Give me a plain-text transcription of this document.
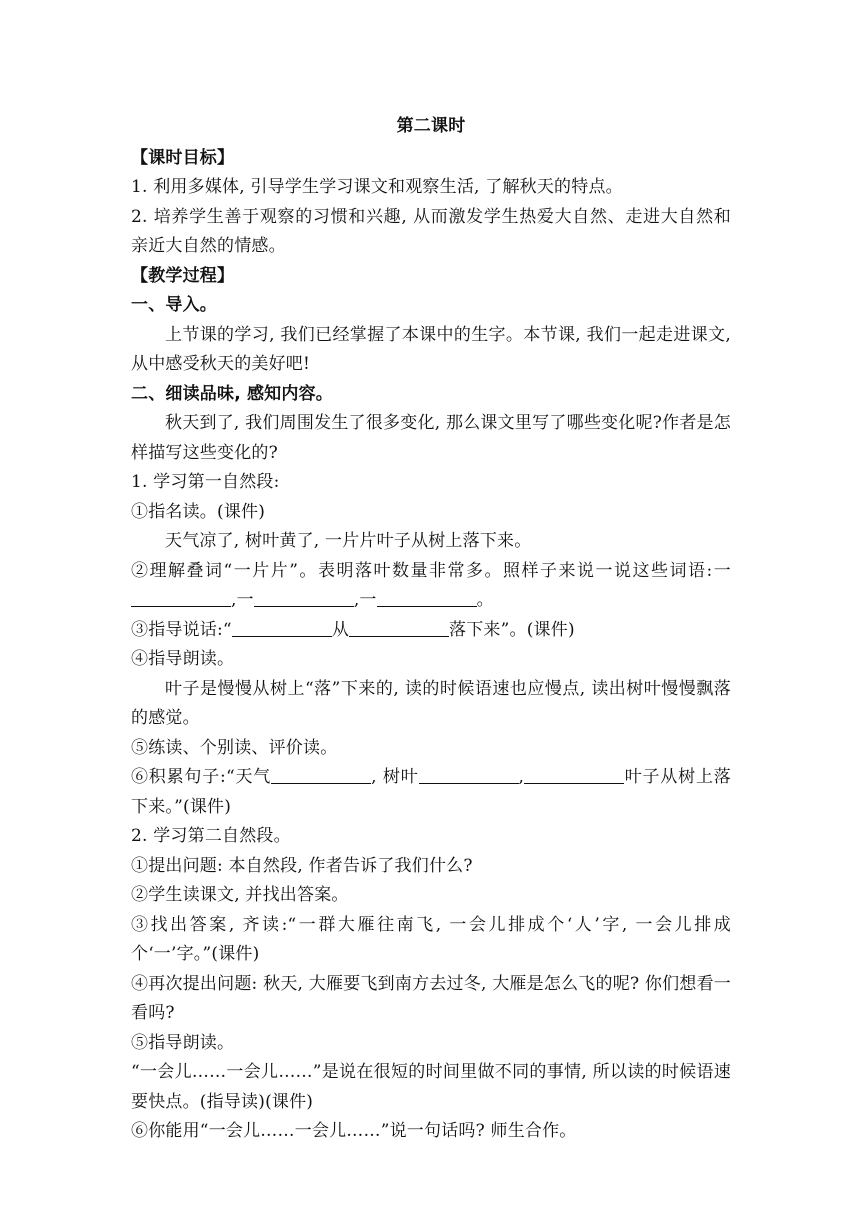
第二课时
【课时目标】
1. 利用多媒体, 引导学生学习课文和观察生活, 了解秋天的特点。
2. 培养学生善于观察的习惯和兴趣, 从而激发学生热爱大自然、走进大自然和亲近大自然的情感。
【教学过程】
一、导入。
上节课的学习, 我们已经掌握了本课中的生字。本节课, 我们一起走进课文, 从中感受秋天的美好吧!
二、细读品味, 感知内容。
秋天到了, 我们周围发生了很多变化, 那么课文里写了哪些变化呢?作者是怎样描写这些变化的?
1. 学习第一自然段:
①指名读。(课件)
天气凉了, 树叶黄了, 一片片叶子从树上落下来。
②理解叠词“一片片”。表明落叶数量非常多。照样子来说一说这些词语:一,一	,一	。
③指导说话:“	从	落下来”。(课件)
④指导朗读。
叶子是慢慢从树上“落”下来的, 读的时候语速也应慢点, 读出树叶慢慢飘落的感觉。
⑤练读、个别读、评价读。
⑥积累句子:“天气	, 树叶	,	叶子从树上落下来。”(课件)
2. 学习第二自然段。
①提出问题: 本自然段, 作者告诉了我们什么?
②学生读课文, 并找出答案。
③找出答案, 齐读:“一群大雁往南飞, 一会儿排成个‘人’字, 一会儿排成个‘一’字。”(课件)
④再次提出问题: 秋天, 大雁要飞到南方去过冬, 大雁是怎么飞的呢? 你们想看一看吗?
⑤指导朗读。
“一会儿……一会儿……”是说在很短的时间里做不同的事情, 所以读的时候语速要快点。(指导读)(课件)
⑥你能用“一会儿……一会儿……”说一句话吗? 师生合作。
